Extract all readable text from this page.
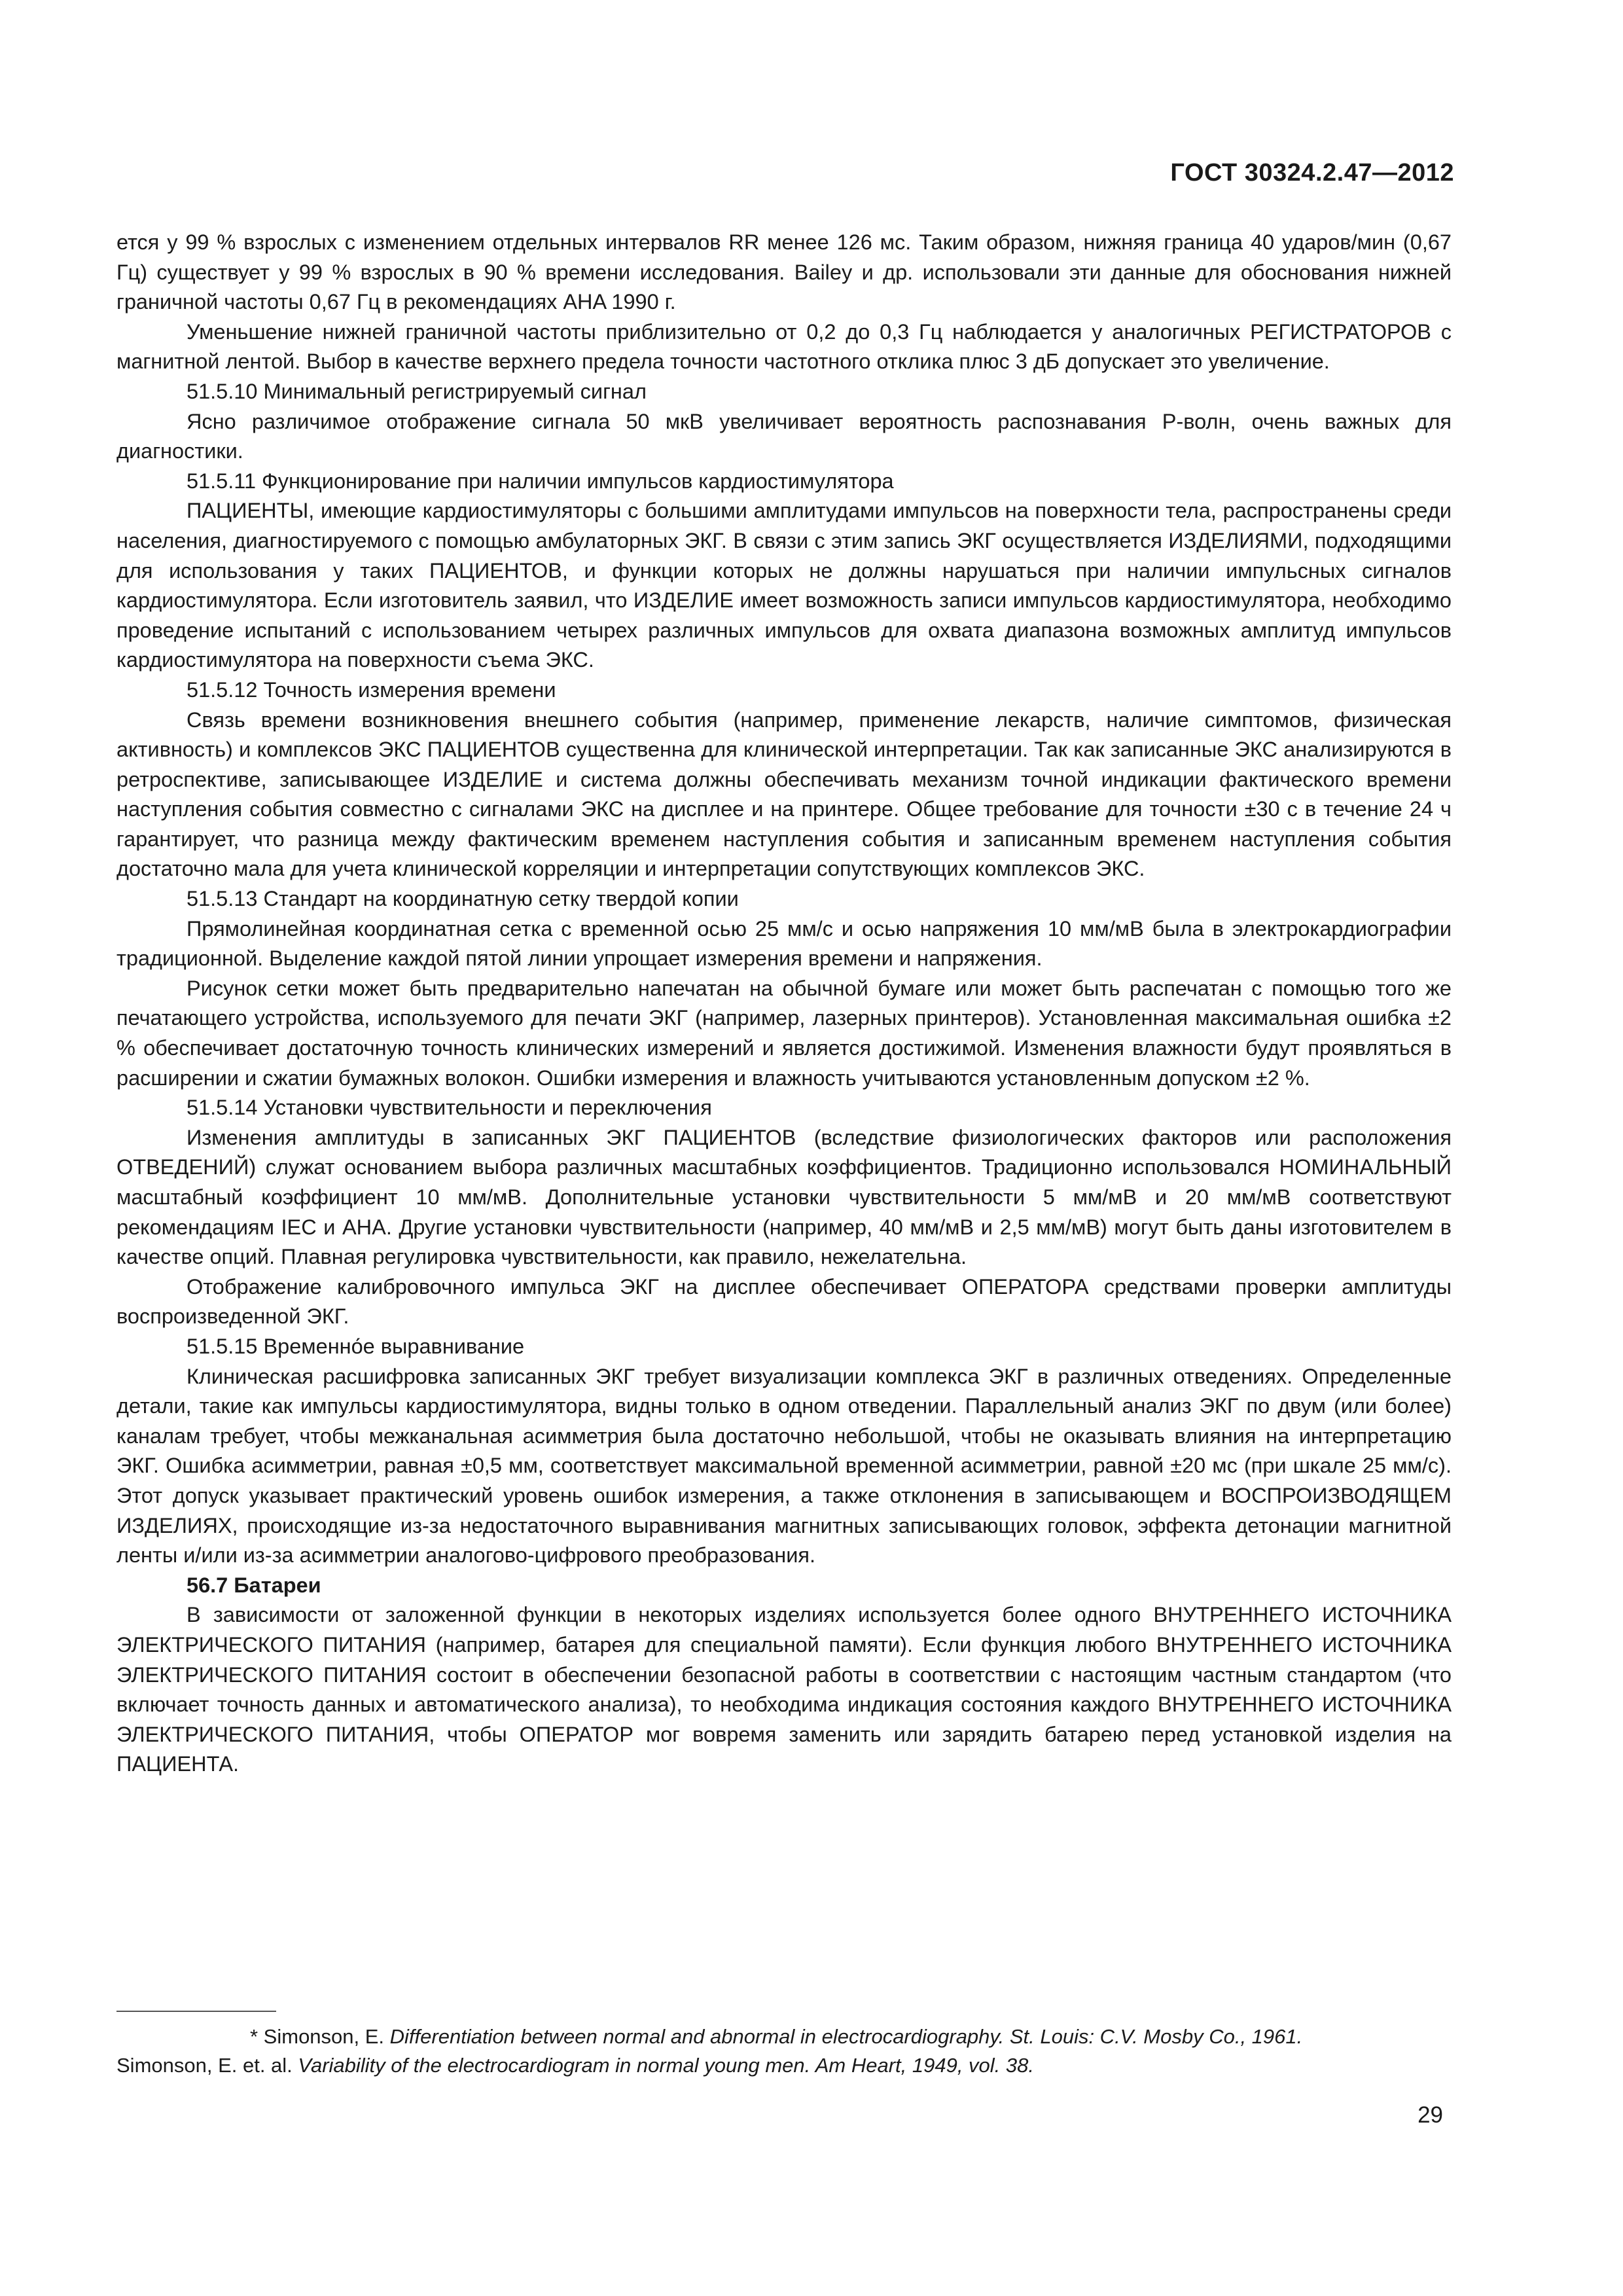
ГОСТ 30324.2.47—2012

ется у 99 % взрослых с изменением отдельных интервалов RR менее 126 мс. Таким образом, нижняя граница 40 ударов/мин (0,67 Гц) существует у 99 % взрослых в 90 % времени исследования. Bailey и др. использовали эти данные для обоснования нижней граничной частоты 0,67 Гц в рекомендациях AHA 1990 г.

Уменьшение нижней граничной частоты приблизительно от 0,2 до 0,3 Гц наблюдается у аналогичных РЕГИСТРАТОРОВ с магнитной лентой. Выбор в качестве верхнего предела точности частотного отклика плюс 3 дБ допускает это увеличение.

51.5.10 Минимальный регистрируемый сигнал

Ясно различимое отображение сигнала 50 мкВ увеличивает вероятность распознавания P-волн, очень важных для диагностики.

51.5.11 Функционирование при наличии импульсов кардиостимулятора

ПАЦИЕНТЫ, имеющие кардиостимуляторы с большими амплитудами импульсов на поверхности тела, распространены среди населения, диагностируемого с помощью амбулаторных ЭКГ. В связи с этим запись ЭКГ осуществляется ИЗДЕЛИЯМИ, подходящими для использования у таких ПАЦИЕНТОВ, и функции которых не должны нарушаться при наличии импульсных сигналов кардиостимулятора. Если изготовитель заявил, что ИЗДЕЛИЕ имеет возможность записи импульсов кардиостимулятора, необходимо проведение испытаний с использованием четырех различных импульсов для охвата диапазона возможных амплитуд импульсов кардиостимулятора на поверхности съема ЭКС.

51.5.12 Точность измерения времени

Связь времени возникновения внешнего события (например, применение лекарств, наличие симптомов, физическая активность) и комплексов ЭКС ПАЦИЕНТОВ существенна для клинической интерпретации. Так как записанные ЭКС анализируются в ретроспективе, записывающее ИЗДЕЛИЕ и система должны обеспечивать механизм точной индикации фактического времени наступления события совместно с сигналами ЭКС на дисплее и на принтере. Общее требование для точности ±30 с в течение 24 ч гарантирует, что разница между фактическим временем наступления события и записанным временем наступления события достаточно мала для учета клинической корреляции и интерпретации сопутствующих комплексов ЭКС.

51.5.13 Стандарт на координатную сетку твердой копии

Прямолинейная координатная сетка с временной осью 25 мм/с и осью напряжения 10 мм/мВ была в электрокардиографии традиционной. Выделение каждой пятой линии упрощает измерения времени и напряжения.

Рисунок сетки может быть предварительно напечатан на обычной бумаге или может быть распечатан с помощью того же печатающего устройства, используемого для печати ЭКГ (например, лазерных принтеров). Установленная максимальная ошибка ±2 % обеспечивает достаточную точность клинических измерений и является достижимой. Изменения влажности будут проявляться в расширении и сжатии бумажных волокон. Ошибки измерения и влажность учитываются установленным допуском ±2 %.

51.5.14 Установки чувствительности и переключения

Изменения амплитуды в записанных ЭКГ ПАЦИЕНТОВ (вследствие физиологических факторов или расположения ОТВЕДЕНИЙ) служат основанием выбора различных масштабных коэффициентов. Традиционно использовался НОМИНАЛЬНЫЙ масштабный коэффициент 10 мм/мВ. Дополнительные установки чувствительности 5 мм/мВ и 20 мм/мВ соответствуют рекомендациям IEC и AHA. Другие установки чувствительности (например, 40 мм/мВ и 2,5 мм/мВ) могут быть даны изготовителем в качестве опций. Плавная регулировка чувствительности, как правило, нежелательна.

Отображение калибровочного импульса ЭКГ на дисплее обеспечивает ОПЕРАТОРА средствами проверки амплитуды воспроизведенной ЭКГ.

51.5.15 Временно́е выравнивание

Клиническая расшифровка записанных ЭКГ требует визуализации комплекса ЭКГ в различных отведениях. Определенные детали, такие как импульсы кардиостимулятора, видны только в одном отведении. Параллельный анализ ЭКГ по двум (или более) каналам требует, чтобы межканальная асимметрия была достаточно небольшой, чтобы не оказывать влияния на интерпретацию ЭКГ. Ошибка асимметрии, равная ±0,5 мм, соответствует максимальной временной асимметрии, равной ±20 мс (при шкале 25 мм/с). Этот допуск указывает практический уровень ошибок измерения, а также отклонения в записывающем и ВОСПРОИЗВОДЯЩЕМ ИЗДЕЛИЯХ, происходящие из-за недостаточного выравнивания магнитных записывающих головок, эффекта детонации магнитной ленты и/или из-за асимметрии аналогово-цифрового преобразования.

56.7 Батареи

В зависимости от заложенной функции в некоторых изделиях используется более одного ВНУТРЕННЕГО ИСТОЧНИКА ЭЛЕКТРИЧЕСКОГО ПИТАНИЯ (например, батарея для специальной памяти). Если функция любого ВНУТРЕННЕГО ИСТОЧНИКА ЭЛЕКТРИЧЕСКОГО ПИТАНИЯ состоит в обеспечении безопасной работы в соответствии с настоящим частным стандартом (что включает точность данных и автоматического анализа), то необходима индикация состояния каждого ВНУТРЕННЕГО ИСТОЧНИКА ЭЛЕКТРИЧЕСКОГО ПИТАНИЯ, чтобы ОПЕРАТОР мог вовремя заменить или зарядить батарею перед установкой изделия на ПАЦИЕНТА.

* Simonson, E. Differentiation between normal and abnormal in electrocardiography. St. Louis: C.V. Mosby Co., 1961.

Simonson, E. et. al. Variability of the electrocardiogram in normal young men. Am Heart, 1949, vol. 38.

29
